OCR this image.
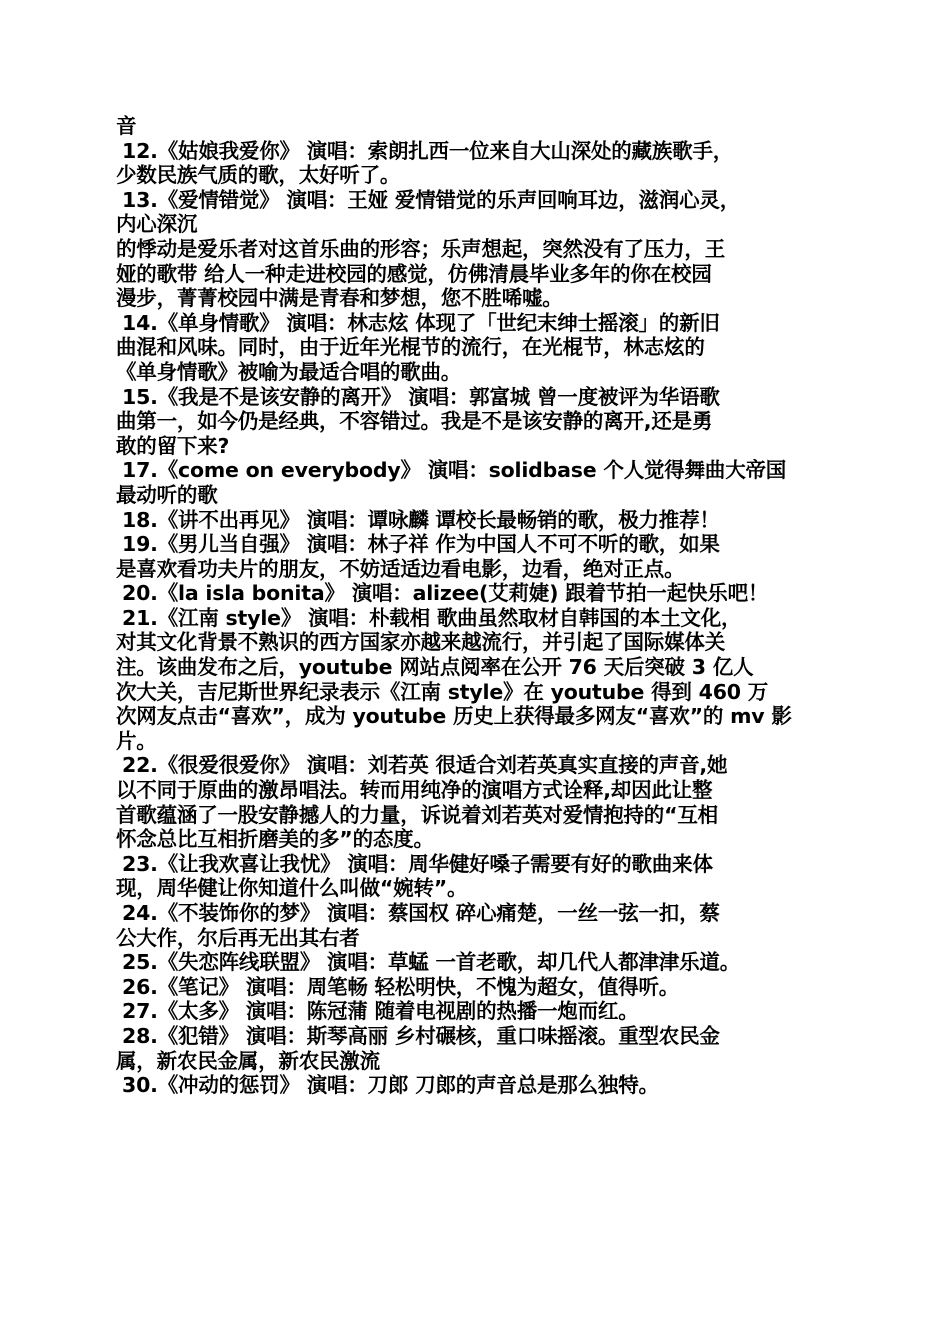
音
12.《姑娘我爱你》 演唱：索朗扎西一位来自大山深处的藏族歌手，
少数民族气质的歌，太好听了。
13.《爱情错觉》 演唱：王娅 爱情错觉的乐声回响耳边，滋润心灵，
内心深沉
的悸动是爱乐者对这首乐曲的形容；乐声想起，突然没有了压力，王
娅的歌带 给人一种走进校园的感觉，仿佛清晨毕业多年的你在校园
漫步，菁菁校园中满是青春和梦想，您不胜唏嘘。
14.《单身情歌》 演唱：林志炫 体现了「世纪末绅士摇滚」的新旧
曲混和风味。同时，由于近年光棍节的流行，在光棍节，林志炫的
《单身情歌》被喻为最适合唱的歌曲。
15.《我是不是该安静的离开》 演唱：郭富城 曾一度被评为华语歌
曲第一，如今仍是经典，不容错过。我是不是该安静的离开,还是勇
敢的留下来?
17.《come on everybody》 演唱：solidbase 个人觉得舞曲大帝国
最动听的歌
18.《讲不出再见》 演唱：谭咏麟 谭校长最畅销的歌，极力推荐！
19.《男儿当自强》 演唱：林子祥 作为中国人不可不听的歌，如果
是喜欢看功夫片的朋友，不妨适适边看电影，边看，绝对正点。
20.《la isla bonita》 演唱：alizee(艾莉婕) 跟着节拍一起快乐吧！
21.《江南 style》 演唱：朴载相 歌曲虽然取材自韩国的本土文化，
对其文化背景不熟识的西方国家亦越来越流行，并引起了国际媒体关
注。该曲发布之后，youtube 网站点阅率在公开 76 天后突破 3 亿人
次大关，吉尼斯世界纪录表示《江南 style》在 youtube 得到 460 万
次网友点击“喜欢”，成为 youtube 历史上获得最多网友“喜欢”的 mv 影
片。
22.《很爱很爱你》 演唱：刘若英 很适合刘若英真实直接的声音,她
以不同于原曲的激昂唱法。转而用纯净的演唱方式诠释,却因此让整
首歌蕴涵了一股安静撼人的力量，诉说着刘若英对爱情抱持的“互相
怀念总比互相折磨美的多”的态度。
23.《让我欢喜让我忧》 演唱：周华健好嗓子需要有好的歌曲来体
现，周华健让你知道什么叫做“婉转”。
24.《不装饰你的梦》 演唱：蔡国权 碎心痛楚，一丝一弦一扣，蔡
公大作，尔后再无出其右者
25.《失恋阵线联盟》 演唱：草蜢 一首老歌，却几代人都津津乐道。
26.《笔记》 演唱：周笔畅 轻松明快，不愧为超女，值得听。
27.《太多》 演唱：陈冠蒲 随着电视剧的热播一炮而红。
28.《犯错》 演唱：斯琴高丽 乡村碾核，重口味摇滚。重型农民金
属，新农民金属，新农民激流
30.《冲动的惩罚》 演唱：刀郎 刀郎的声音总是那么独特。
